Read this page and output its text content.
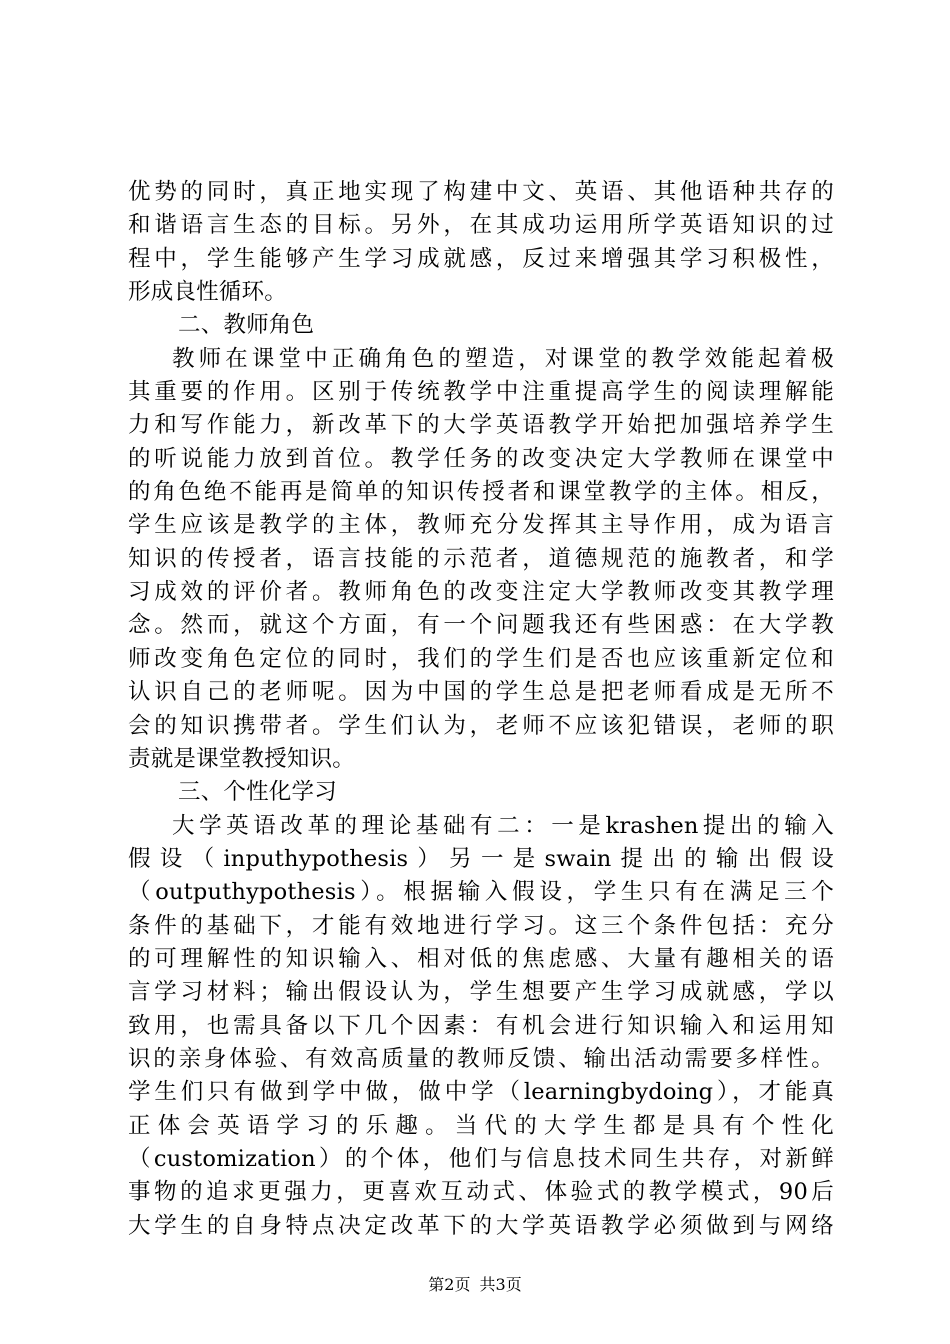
优势的同时，真正地实现了构建中文、英语、其他语种共存的
和谐语言生态的目标。另外，在其成功运用所学英语知识的过
程中，学生能够产生学习成就感，反过来增强其学习积极性，
形成良性循环。
二、教师角色
教师在课堂中正确角色的塑造，对课堂的教学效能起着极
其重要的作用。区别于传统教学中注重提高学生的阅读理解能
力和写作能力，新改革下的大学英语教学开始把加强培养学生
的听说能力放到首位。教学任务的改变决定大学教师在课堂中
的角色绝不能再是简单的知识传授者和课堂教学的主体。相反，
学生应该是教学的主体，教师充分发挥其主导作用，成为语言
知识的传授者，语言技能的示范者，道德规范的施教者，和学
习成效的评价者。教师角色的改变注定大学教师改变其教学理
念。然而，就这个方面，有一个问题我还有些困惑：在大学教
师改变角色定位的同时，我们的学生们是否也应该重新定位和
认识自己的老师呢。因为中国的学生总是把老师看成是无所不
会的知识携带者。学生们认为，老师不应该犯错误，老师的职
责就是课堂教授知识。
三、个性化学习
大学英语改革的理论基础有二：一是krashen提出的输入
假设（inputhypothesis）另一是swain提出的输出假设
（outputhypothesis）。根据输入假设，学生只有在满足三个
条件的基础下，才能有效地进行学习。这三个条件包括：充分
的可理解性的知识输入、相对低的焦虑感、大量有趣相关的语
言学习材料；输出假设认为，学生想要产生学习成就感，学以
致用，也需具备以下几个因素：有机会进行知识输入和运用知
识的亲身体验、有效高质量的教师反馈、输出活动需要多样性。
学生们只有做到学中做，做中学（learningbydoing），才能真
正体会英语学习的乐趣。当代的大学生都是具有个性化
（customization）的个体，他们与信息技术同生共存，对新鲜
事物的追求更强力，更喜欢互动式、体验式的教学模式，90后
大学生的自身特点决定改革下的大学英语教学必须做到与网络
第2页 共3页
